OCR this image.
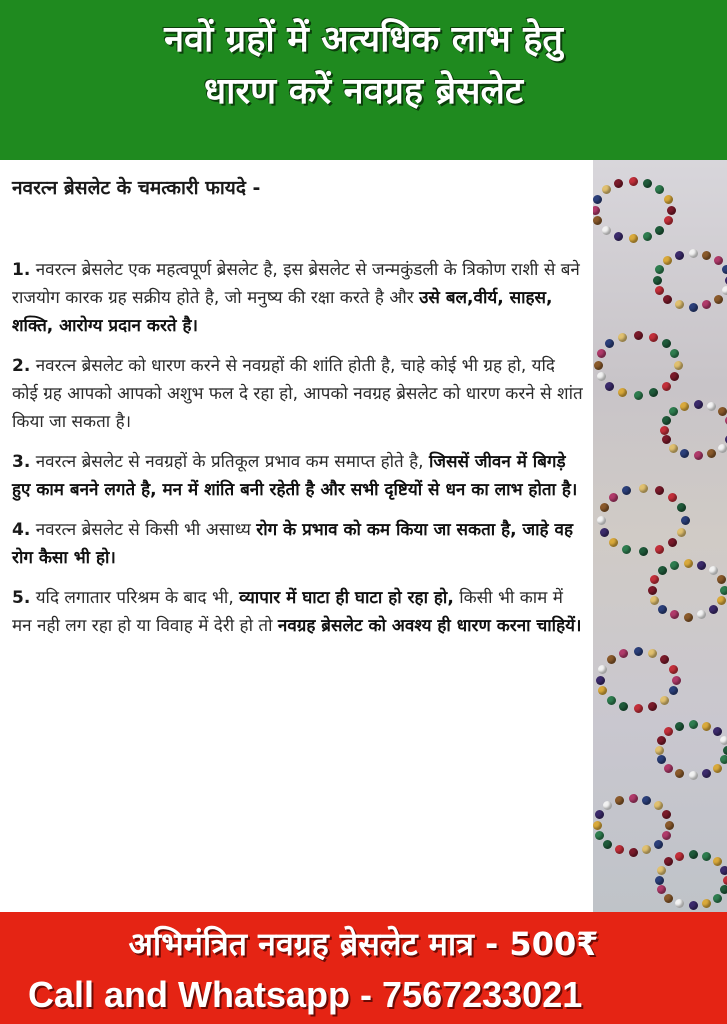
नवों ग्रहों में अत्यधिक लाभ हेतु
धारण करें नवग्रह ब्रेसलेट
नवरत्न ब्रेसलेट के चमत्कारी फायदे -
1. नवरत्न ब्रेसलेट एक महत्वपूर्ण ब्रेसलेट है, इस ब्रेसलेट से जन्मकुंडली के त्रिकोण राशी से बने राजयोग कारक ग्रह सक्रीय होते है, जो मनुष्य की रक्षा करते है और उसे बल,वीर्य, साहस, शक्ति, आरोग्य प्रदान करते है।
2. नवरत्न ब्रेसलेट को धारण करने से नवग्रहों की शांति होती है, चाहे कोई भी ग्रह हो, यदि कोई ग्रह आपको आपको अशुभ फल दे रहा हो, आपको नवग्रह ब्रेसलेट को धारण करने से शांत किया जा सकता है।
3. नवरत्न ब्रेसलेट से नवग्रहों के प्रतिकूल प्रभाव कम समाप्त होते है, जिससें जीवन में बिगड़े हुए काम बनने लगते है, मन में शांति बनी रहेती है और सभी दृष्टियों से धन का लाभ होता है।
4. नवरत्न ब्रेसलेट से किसी भी असाध्य रोग के प्रभाव को कम किया जा सकता है, जाहे वह रोग कैसा भी हो।
5. यदि लगातार परिश्रम के बाद भी, व्यापार में घाटा ही घाटा हो रहा हो, किसी भी काम में मन नही लग रहा हो या विवाह में देरी हो तो नवग्रह ब्रेसलेट को अवश्य ही धारण करना चाहियें।
अभिमंत्रित नवग्रह ब्रेसलेट मात्र - 500₹
Call and Whatsapp - 7567233021
